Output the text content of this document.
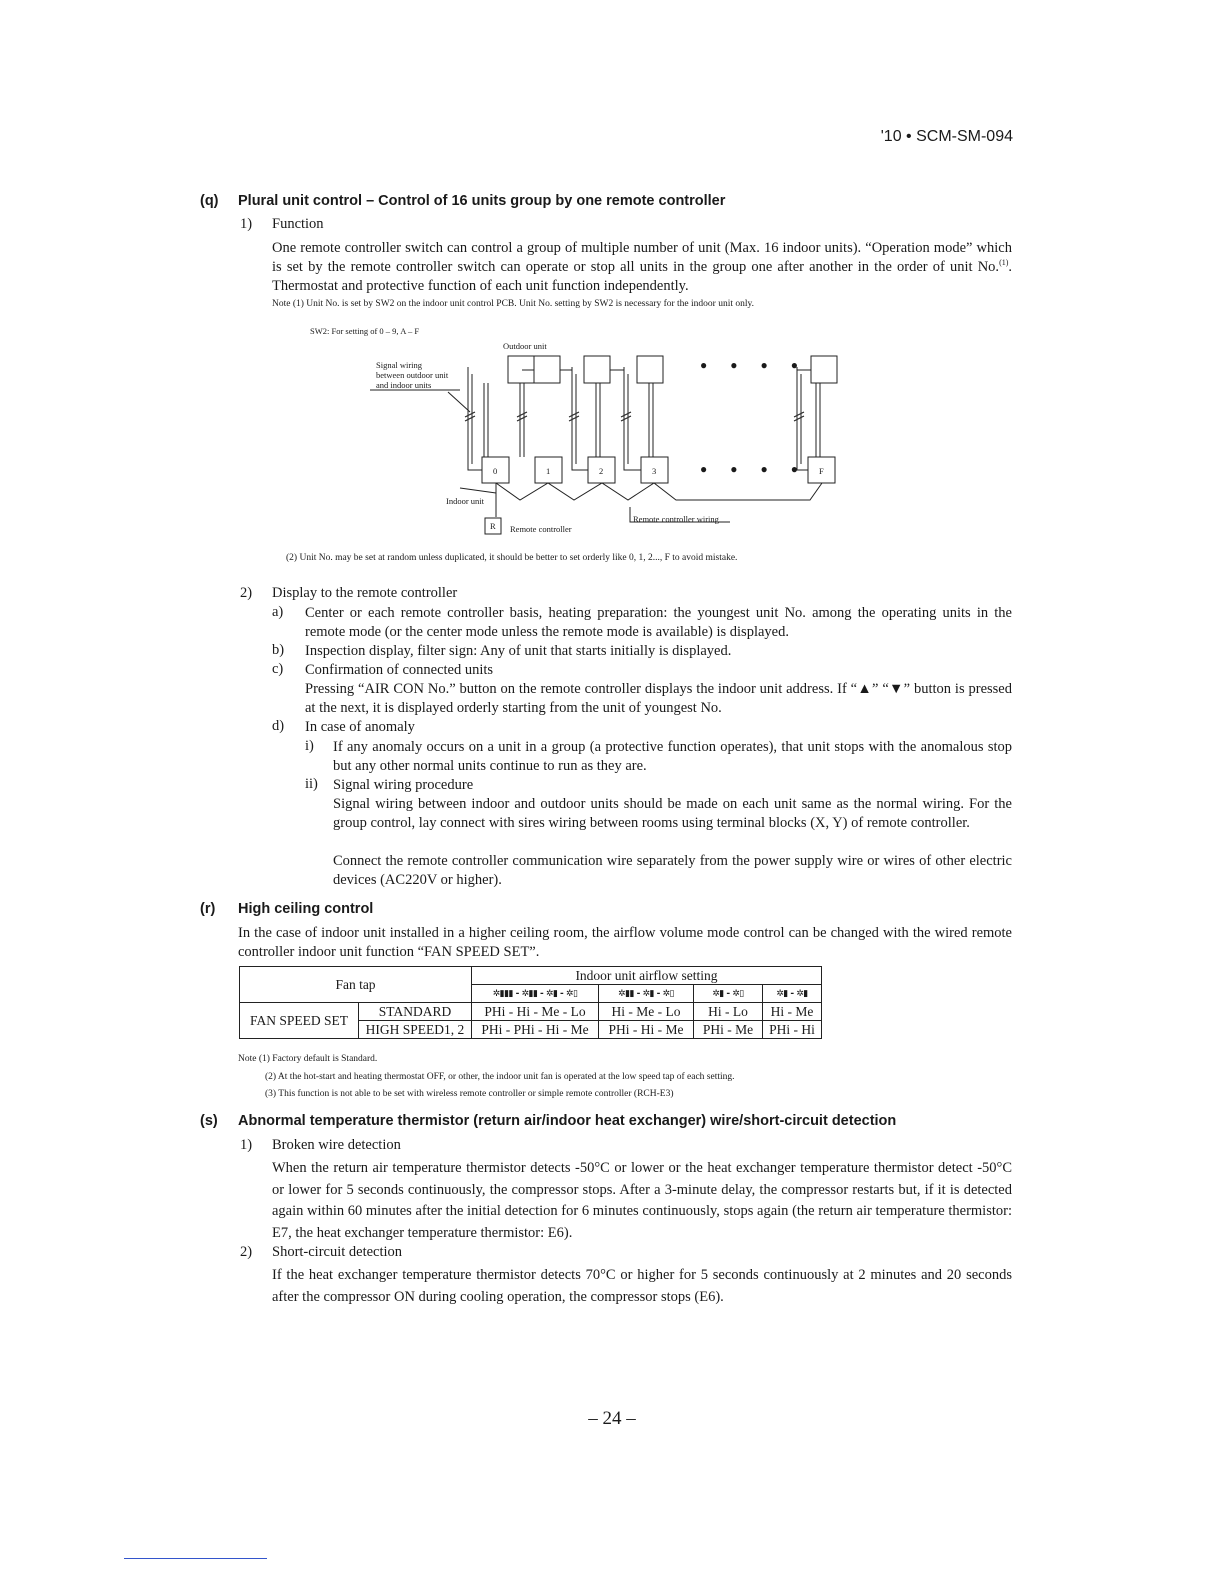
'10 • SCM-SM-094
(q) Plural unit control – Control of 16 units group by one remote controller
1) Function
One remote controller switch can control a group of multiple number of unit (Max. 16 indoor units). “Operation mode” which is set by the remote controller switch can operate or stop all units in the group one after another in the order of unit No.$^{(1)}$. Thermostat and protective function of each unit function independently.
Note (1) Unit No. is set by SW2 on the indoor unit control PCB. Unit No. setting by SW2 is necessary for the indoor unit only.
SW2: For setting of 0 – 9, A – F
Outdoor unit
Signal wiring
between outdoor unit
and indoor units
Indoor unit
Remote controller
R
Remote controller wiring
0	1	2	3	F
● ● ● ●
● ● ● ●
(2) Unit No. may be set at random unless duplicated, it should be better to set orderly like 0, 1, 2..., F to avoid mistake.
2) Display to the remote controller
a) Center or each remote controller basis, heating preparation: the youngest unit No. among the operating units in the remote mode (or the center mode unless the remote mode is available) is displayed.
b) Inspection display, filter sign: Any of unit that starts initially is displayed.
c) Confirmation of connected units
Pressing “AIR CON No.” button on the remote controller displays the indoor unit address. If “▲” “▼” button is pressed at the next, it is displayed orderly starting from the unit of youngest No.
d) In case of anomaly
i) If any anomaly occurs on a unit in a group (a protective function operates), that unit stops with the anomalous stop but any other normal units continue to run as they are.
ii) Signal wiring procedure
Signal wiring between indoor and outdoor units should be made on each unit same as the normal wiring. For the group control, lay connect with sires wiring between rooms using terminal blocks (X, Y) of remote controller.
Connect the remote controller communication wire separately from the power supply wire or wires of other electric devices (AC220V or higher).
(r) High ceiling control
In the case of indoor unit installed in a higher ceiling room, the airflow volume mode control can be changed with the wired remote controller indoor unit function “FAN SPEED SET”.
Fan tap		Indoor unit airflow setting			
		✲▮▮▮ - ✲▮▮ - ✲▮ - ✲▯	✲▮▮ - ✲▮ - ✲▯	✲▮ - ✲▯	✲▮ - ✲▮
FAN SPEED SET	STANDARD	PHi - Hi - Me - Lo	Hi - Me - Lo	Hi - Lo	Hi - Me
	HIGH SPEED1, 2	PHi - PHi - Hi - Me	PHi - Hi - Me	PHi - Me	PHi - Hi
Note (1) Factory default is Standard.
(2) At the hot-start and heating thermostat OFF, or other, the indoor unit fan is operated at the low speed tap of each setting.
(3) This function is not able to be set with wireless remote controller or simple remote controller (RCH-E3)
(s) Abnormal temperature thermistor (return air/indoor heat exchanger) wire/short-circuit detection
1) Broken wire detection
When the return air temperature thermistor detects -50°C or lower or the heat exchanger temperature thermistor detect -50°C or lower for 5 seconds continuously, the compressor stops. After a 3-minute delay, the compressor restarts but, if it is detected again within 60 minutes after the initial detection for 6 minutes continuously, stops again (the return air temperature thermistor: E7, the heat exchanger temperature thermistor: E6).
2) Short-circuit detection
If the heat exchanger temperature thermistor detects 70°C or higher for 5 seconds continuously at 2 minutes and 20 seconds after the compressor ON during cooling operation, the compressor stops (E6).
– 24 –
